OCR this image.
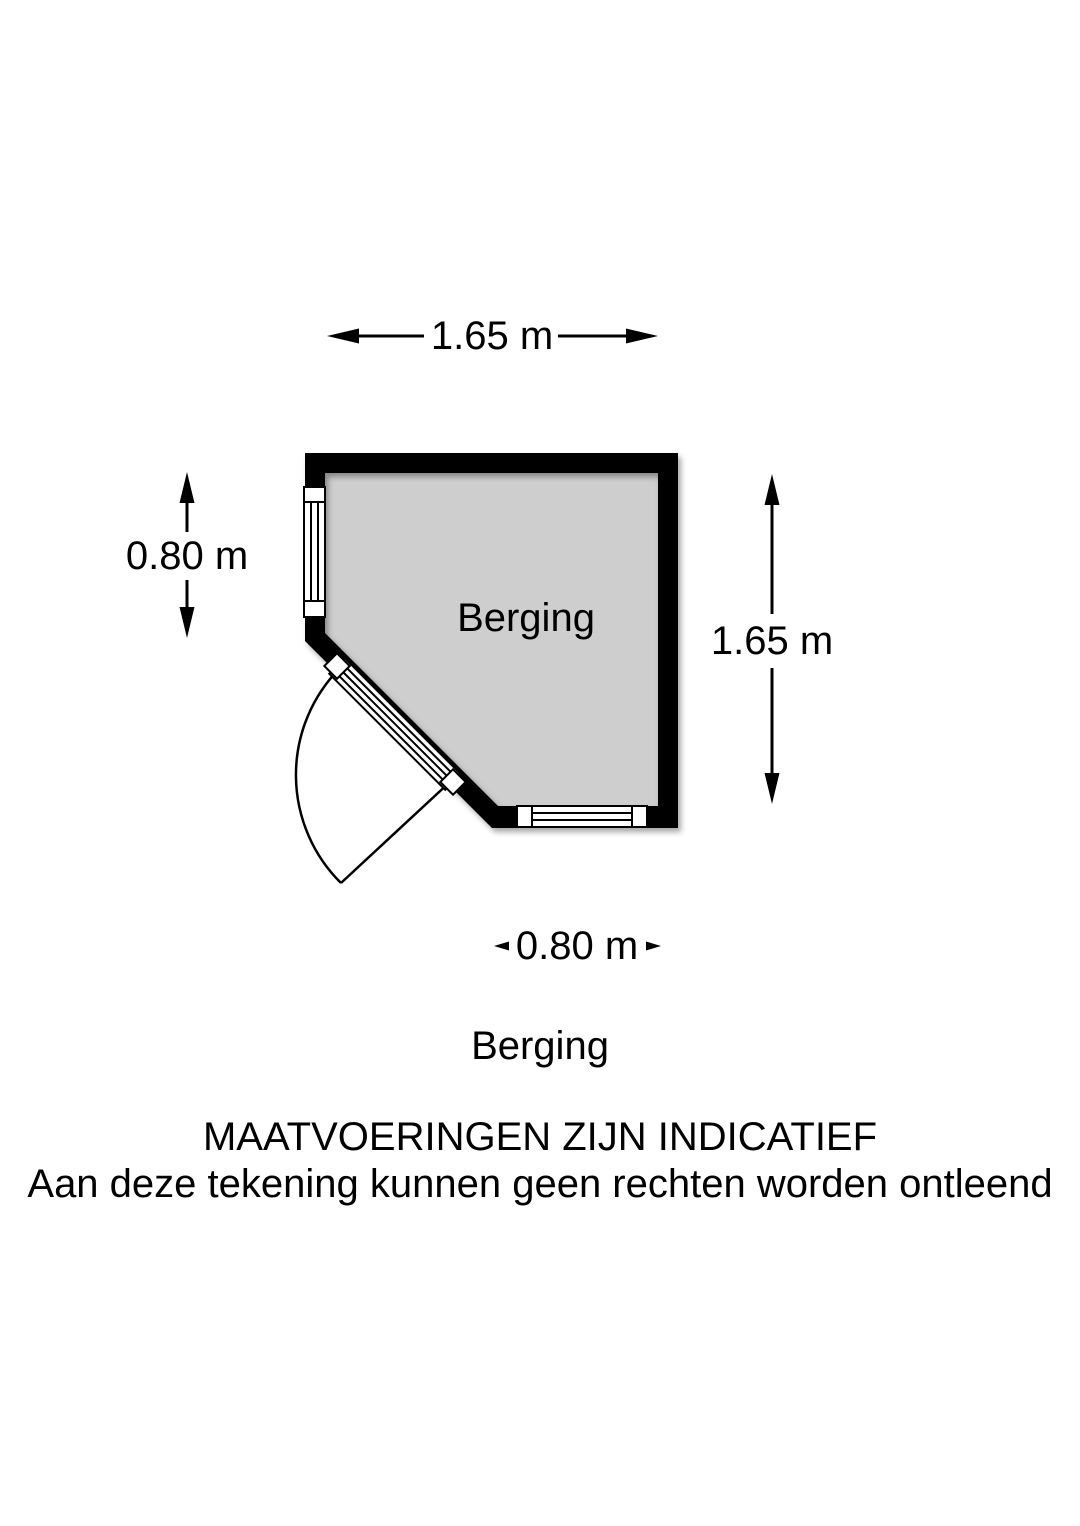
1.65 m
0.80 m
1.65 m
0.80 m
Berging
Berging
MAATVOERINGEN ZIJN INDICATIEF
Aan deze tekening kunnen geen rechten worden ontleend
